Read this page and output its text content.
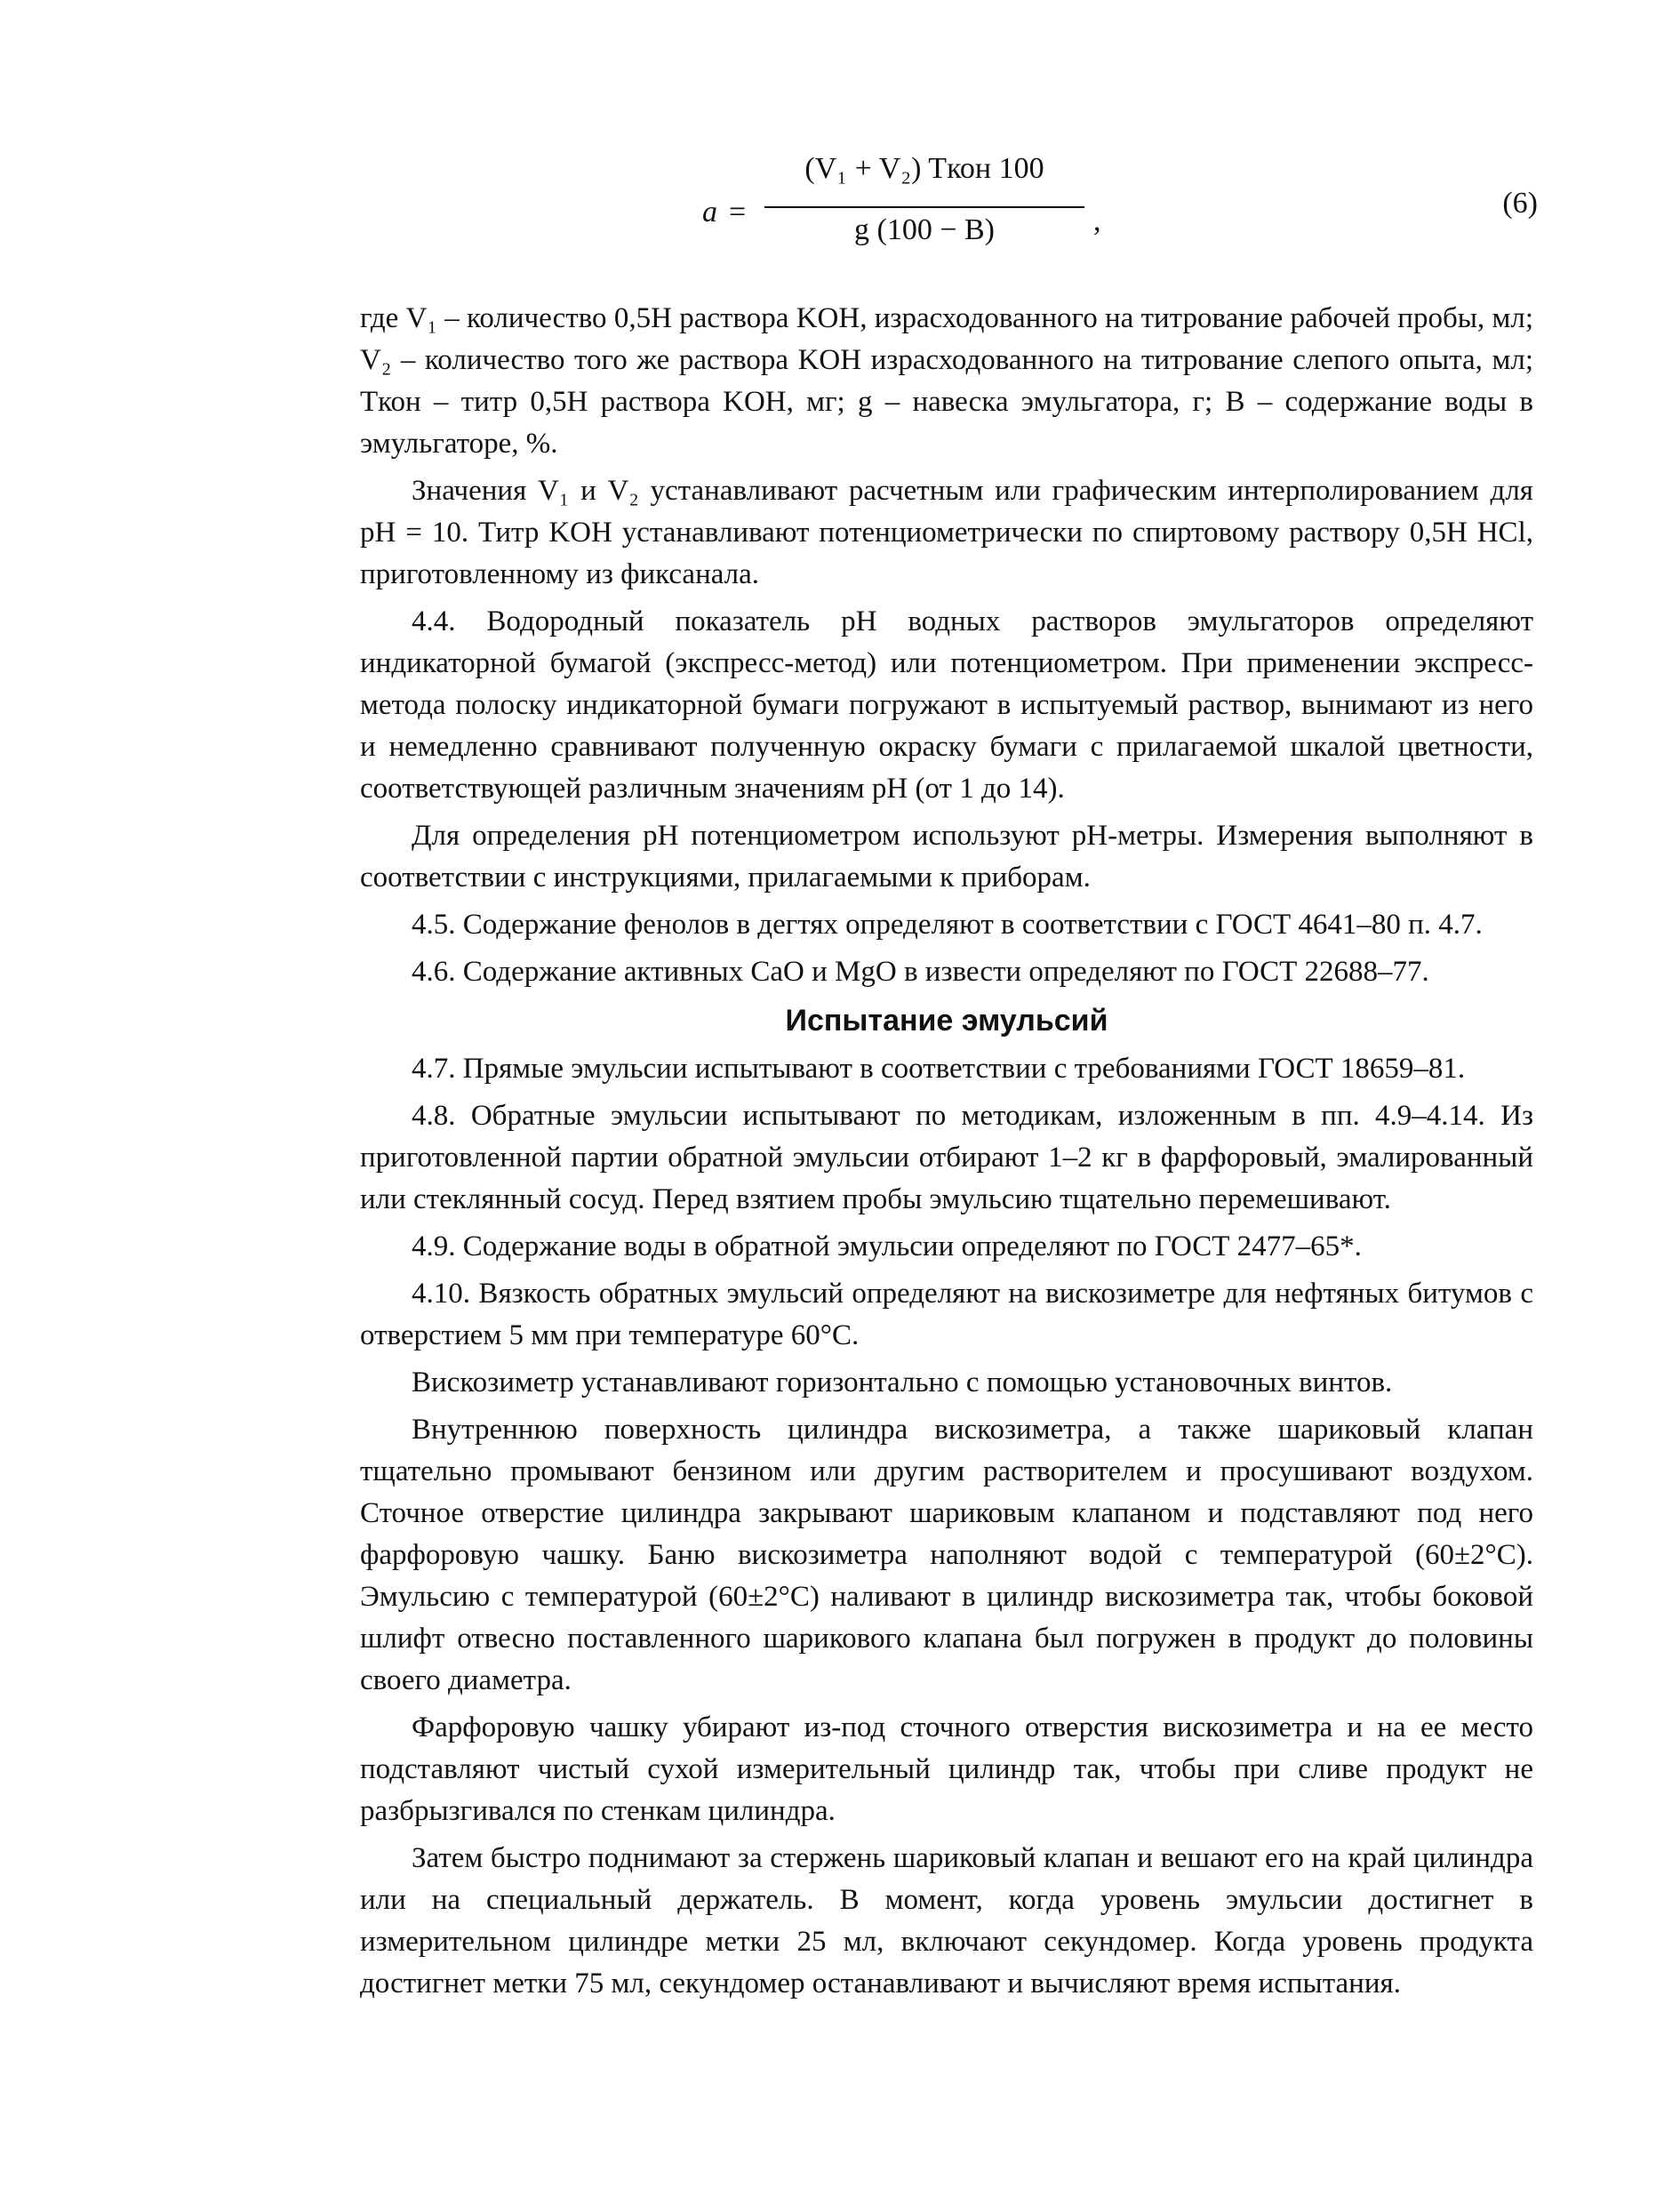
a =
(V₁ + V₂) Tкон 100
g (100 − B)	,
(6)

где V₁ – количество 0,5H раствора KOH, израсходованного на титрование рабочей пробы, мл; V₂ – количество того же раствора KOH израсходованного на титрование слепого опыта, мл; Tкон – титр 0,5H раствора KOH, мг; g – навеска эмульгатора, г; B – содержание воды в эмульгаторе, %.

Значения V₁ и V₂ устанавливают расчетным или графическим интерполированием для pH = 10. Титр KOH устанавливают потенциометрически по спиртовому раствору 0,5H HCl, приготовленному из фиксанала.

4.4. Водородный показатель pH водных растворов эмульгаторов определяют индикаторной бумагой (экспресс-метод) или потенциометром. При применении экспресс-метода полоску индикаторной бумаги погружают в испытуемый раствор, вынимают из него и немедленно сравнивают полученную окраску бумаги с прилагаемой шкалой цветности, соответствующей различным значениям pH (от 1 до 14).

Для определения pH потенциометром используют pH-метры. Измерения выполняют в соответствии с инструкциями, прилагаемыми к приборам.

4.5. Содержание фенолов в дегтях определяют в соответствии с ГОСТ 4641–80 п. 4.7.

4.6. Содержание активных CaO и MgO в извести определяют по ГОСТ 22688–77.

Испытание эмульсий

4.7. Прямые эмульсии испытывают в соответствии с требованиями ГОСТ 18659–81.

4.8. Обратные эмульсии испытывают по методикам, изложенным в пп. 4.9–4.14. Из приготовленной партии обратной эмульсии отбирают 1–2 кг в фарфоровый, эмалированный или стеклянный сосуд. Перед взятием пробы эмульсию тщательно перемешивают.

4.9. Содержание воды в обратной эмульсии определяют по ГОСТ 2477–65*.

4.10. Вязкость обратных эмульсий определяют на вискозиметре для нефтяных битумов с отверстием 5 мм при температуре 60°С.

Вискозиметр устанавливают горизонтально с помощью установочных винтов.

Внутреннюю поверхность цилиндра вискозиметра, а также шариковый клапан тщательно промывают бензином или другим растворителем и просушивают воздухом. Сточное отверстие цилиндра закрывают шариковым клапаном и подставляют под него фарфоровую чашку. Баню вискозиметра наполняют водой с температурой (60±2°С). Эмульсию с температурой (60±2°С) наливают в цилиндр вискозиметра так, чтобы боковой шлифт отвесно поставленного шарикового клапана был погружен в продукт до половины своего диаметра.

Фарфоровую чашку убирают из-под сточного отверстия вискозиметра и на ее место подставляют чистый сухой измерительный цилиндр так, чтобы при сливе продукт не разбрызгивался по стенкам цилиндра.

Затем быстро поднимают за стержень шариковый клапан и вешают его на край цилиндра или на специальный держатель. В момент, когда уровень эмульсии достигнет в измерительном цилиндре метки 25 мл, включают секундомер. Когда уровень продукта достигнет метки 75 мл, секундомер останавливают и вычисляют время испытания.
